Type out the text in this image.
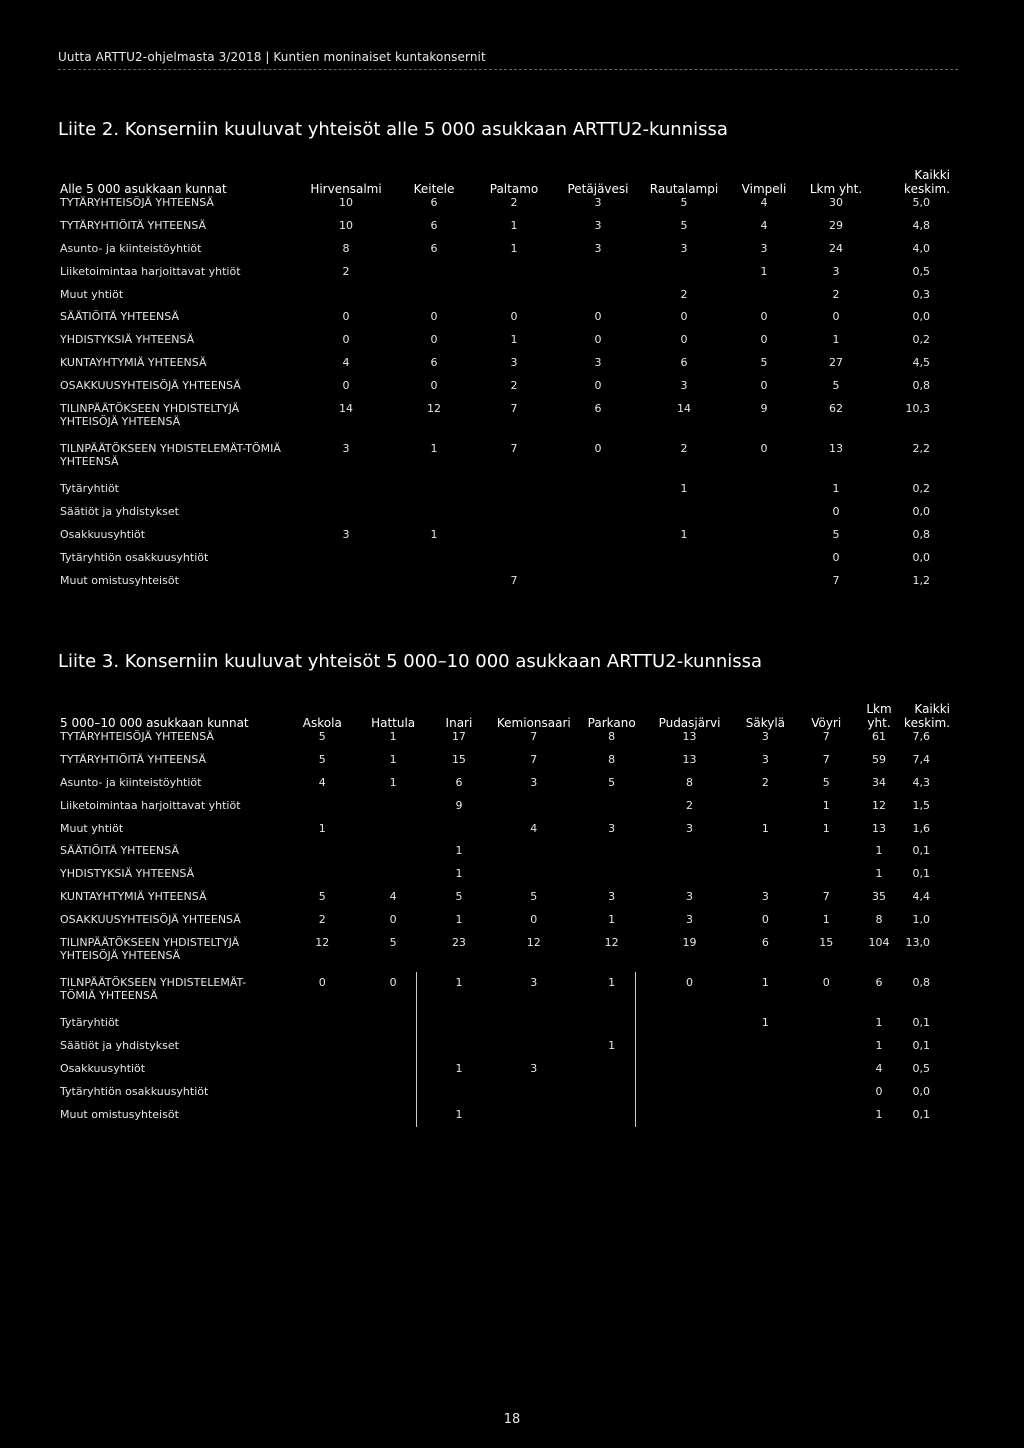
Uutta ARTTU2-ohjelmasta 3/2018 | Kuntien moninaiset kuntakonsernit
Liite 2. Konserniin kuuluvat yhteisöt alle 5 000 asukkaan ARTTU2-kunnissa
Alle 5 000 asukkaan kunnat	Hirvensalmi	Keitele	Paltamo	Petäjävesi	Rautalampi	Vimpeli	Lkm yht.	Kaikki keskim.
TYTÄRYHTEISÖJÄ YHTEENSÄ	10	6	2	3	5	4	30	5,0
TYTÄRYHTIÖITÄ YHTEENSÄ	10	6	1	3	5	4	29	4,8
Asunto- ja kiinteistöyhtiöt	8	6	1	3	3	3	24	4,0
Liiketoimintaa harjoittavat yhtiöt	2					1	3	0,5
Muut yhtiöt					2		2	0,3
SÄÄTIÖITÄ YHTEENSÄ	0	0	0	0	0	0	0	0,0
YHDISTYKSIÄ YHTEENSÄ	0	0	1	0	0	0	1	0,2
KUNTAYHTYMIÄ YHTEENSÄ	4	6	3	3	6	5	27	4,5
OSAKKUUSYHTEISÖJÄ YHTEENSÄ	0	0	2	0	3	0	5	0,8
TILINPÄÄTÖKSEEN YHDISTELTYJÄ YHTEISÖJÄ YHTEENSÄ	14	12	7	6	14	9	62	10,3
TILNPÄÄTÖKSEEN YHDISTELEMÄT-TÖMIÄ YHTEENSÄ	3	1	7	0	2	0	13	2,2
Tytäryhtiöt					1		1	0,2
Säätiöt ja yhdistykset							0	0,0
Osakkuusyhtiöt	3	1			1		5	0,8
Tytäryhtiön osakkuusyhtiöt							0	0,0
Muut omistusyhteisöt			7				7	1,2
Liite 3. Konserniin kuuluvat yhteisöt 5 000–10 000 asukkaan ARTTU2-kunnissa
5 000–10 000 asukkaan kunnat	Askola	Hattula	Inari	Kemionsaari	Parkano	Pudasjärvi	Säkylä	Vöyri	Lkm yht.	Kaikki keskim.
TYTÄRYHTEISÖJÄ YHTEENSÄ	5	1	17	7	8	13	3	7	61	7,6
TYTÄRYHTIÖITÄ YHTEENSÄ	5	1	15	7	8	13	3	7	59	7,4
Asunto- ja kiinteistöyhtiöt	4	1	6	3	5	8	2	5	34	4,3
Liiketoimintaa harjoittavat yhtiöt			9			2		1	12	1,5
Muut yhtiöt	1			4	3	3	1	1	13	1,6
SÄÄTIÖITÄ YHTEENSÄ			1						1	0,1
YHDISTYKSIÄ YHTEENSÄ			1						1	0,1
KUNTAYHTYMIÄ YHTEENSÄ	5	4	5	5	3	3	3	7	35	4,4
OSAKKUUSYHTEISÖJÄ YHTEENSÄ	2	0	1	0	1	3	0	1	8	1,0
TILINPÄÄTÖKSEEN YHDISTELTYJÄ YHTEISÖJÄ YHTEENSÄ	12	5	23	12	12	19	6	15	104	13,0
TILNPÄÄTÖKSEEN YHDISTELEMÄT-TÖMIÄ YHTEENSÄ	0	0	1	3	1	0	1	0	6	0,8
Tytäryhtiöt							1		1	0,1
Säätiöt ja yhdistykset					1				1	0,1
Osakkuusyhtiöt			1	3					4	0,5
Tytäryhtiön osakkuusyhtiöt									0	0,0
Muut omistusyhteisöt			1						1	0,1
18
